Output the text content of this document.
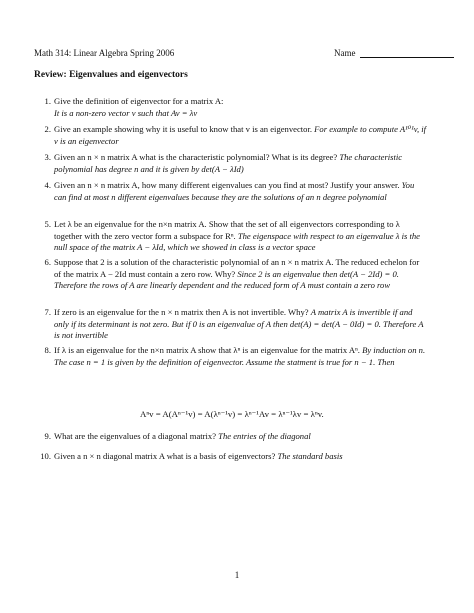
Math 314: Linear Algebra Spring 2006	Name
Review: Eigenvalues and eigenvectors
1. Give the definition of eigenvector for a matrix A:
It is a non-zero vector v such that Av = λv
2. Give an example showing why it is useful to know that v is an eigenvector. For example to compute A¹⁰¹v, if v is an eigenvector
3. Given an n × n matrix A what is the characteristic polynomial? What is its degree? The characteristic polynomial has degree n and it is given by det(A − λId)
4. Given an n × n matrix A, how many different eigenvalues can you find at most? Justify your answer. You can find at most n different eigenvalues because they are the solutions of an n degree polynomial
5. Let λ be an eigenvalue for the n×n matrix A. Show that the set of all eigenvectors corresponding to λ together with the zero vector form a subspace for Rⁿ. The eigenspace with respect to an eigenvalue λ is the null space of the matrix A − λId, which we showed in class is a vector space
6. Suppose that 2 is a solution of the characteristic polynomial of an n × n matrix A. The reduced echelon for of the matrix A − 2Id must contain a zero row. Why? Since 2 is an eigenvalue then det(A − 2Id) = 0. Therefore the rows of A are linearly dependent and the reduced form of A must contain a zero row
7. If zero is an eigenvalue for the n × n matrix then A is not invertible. Why? A matrix A is invertible if and only if its determinant is not zero. But if 0 is an eigenvalue of A then det(A) = det(A − 0Id) = 0. Therefore A is not invertible
8. If λ is an eigenvalue for the n×n matrix A show that λⁿ is an eigenvalue for the matrix Aⁿ. By induction on n. The case n = 1 is given by the definition of eigenvector. Assume the statment is true for n − 1. Then
Aⁿv = A(Aⁿ⁻¹v) = A(λⁿ⁻¹v) = λⁿ⁻¹Av = λⁿ⁻¹λv = λⁿv.
9. What are the eigenvalues of a diagonal matrix? The entries of the diagonal
10. Given a n × n diagonal matrix A what is a basis of eigenvectors? The standard basis
1
